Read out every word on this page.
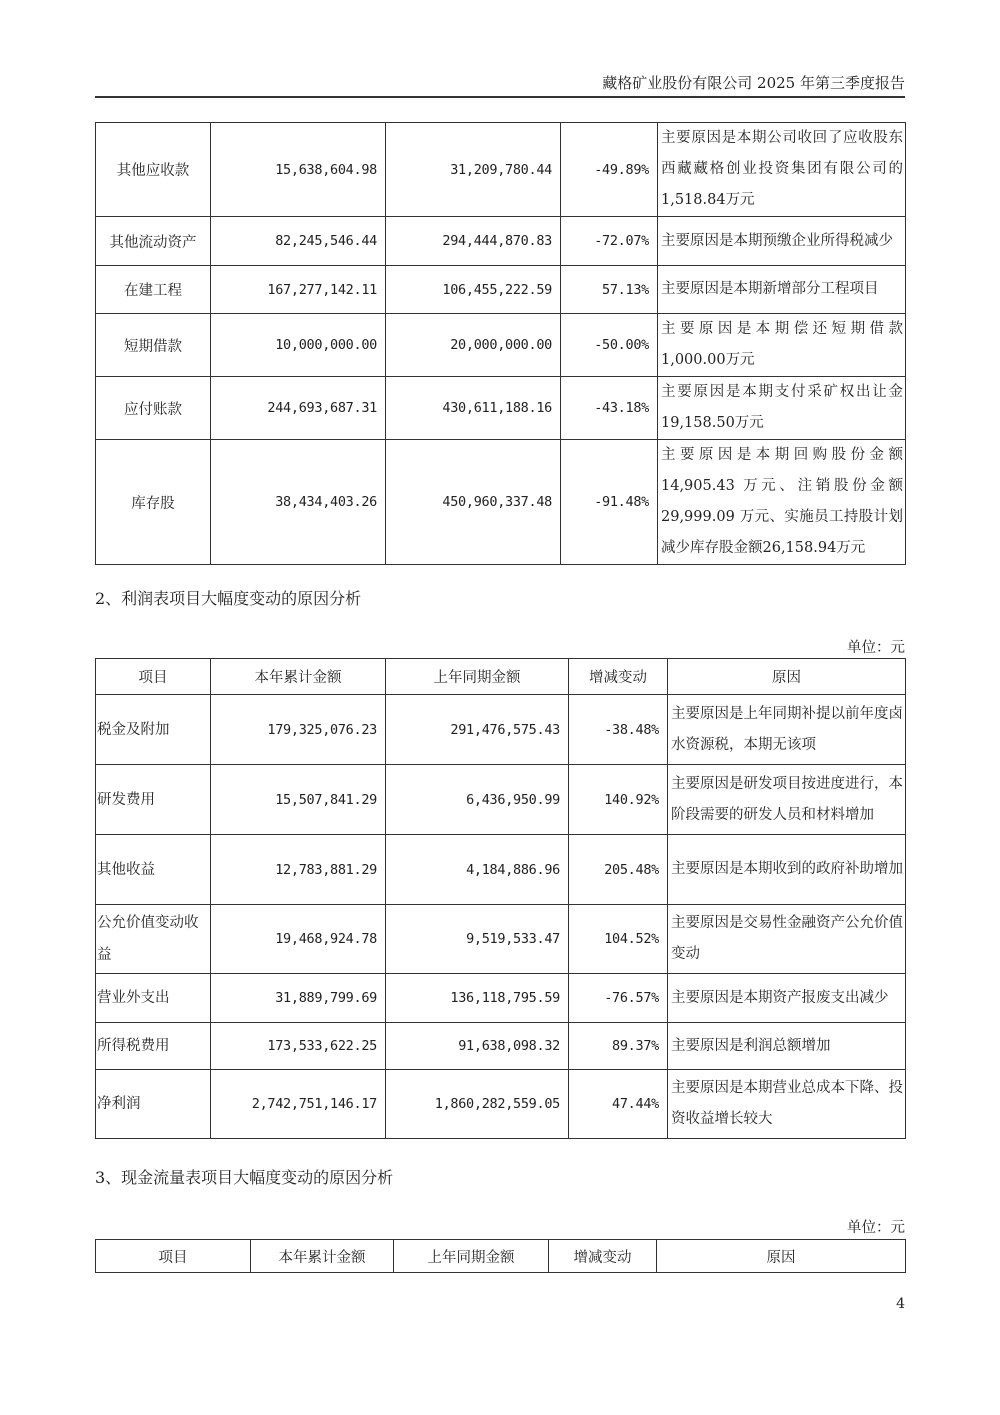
藏格矿业股份有限公司 2025 年第三季度报告
其他应收款	15,638,604.98	31,209,780.44	-49.89%	主要原因是本期公司收回了应收股东西藏藏格创业投资集团有限公司的1,518.84万元
其他流动资产	82,245,546.44	294,444,870.83	-72.07%	主要原因是本期预缴企业所得税减少
在建工程	167,277,142.11	106,455,222.59	57.13%	主要原因是本期新增部分工程项目
短期借款	10,000,000.00	20,000,000.00	-50.00%	主要原因是本期偿还短期借款1,000.00万元
应付账款	244,693,687.31	430,611,188.16	-43.18%	主要原因是本期支付采矿权出让金19,158.50万元
库存股	38,434,403.26	450,960,337.48	-91.48%	主要原因是本期回购股份金额14,905.43 万元、注销股份金额29,999.09 万元、实施员工持股计划减少库存股金额26,158.94万元
2、利润表项目大幅度变动的原因分析
单位：元
项目	本年累计金额	上年同期金额	增减变动	原因
税金及附加	179,325,076.23	291,476,575.43	-38.48%	主要原因是上年同期补提以前年度卤水资源税，本期无该项
研发费用	15,507,841.29	6,436,950.99	140.92%	主要原因是研发项目按进度进行，本阶段需要的研发人员和材料增加
其他收益	12,783,881.29	4,184,886.96	205.48%	主要原因是本期收到的政府补助增加
公允价值变动收益	19,468,924.78	9,519,533.47	104.52%	主要原因是交易性金融资产公允价值变动
营业外支出	31,889,799.69	136,118,795.59	-76.57%	主要原因是本期资产报废支出减少
所得税费用	173,533,622.25	91,638,098.32	89.37%	主要原因是利润总额增加
净利润	2,742,751,146.17	1,860,282,559.05	47.44%	主要原因是本期营业总成本下降、投资收益增长较大
3、现金流量表项目大幅度变动的原因分析
单位：元
项目	本年累计金额	上年同期金额	增减变动	原因
4
